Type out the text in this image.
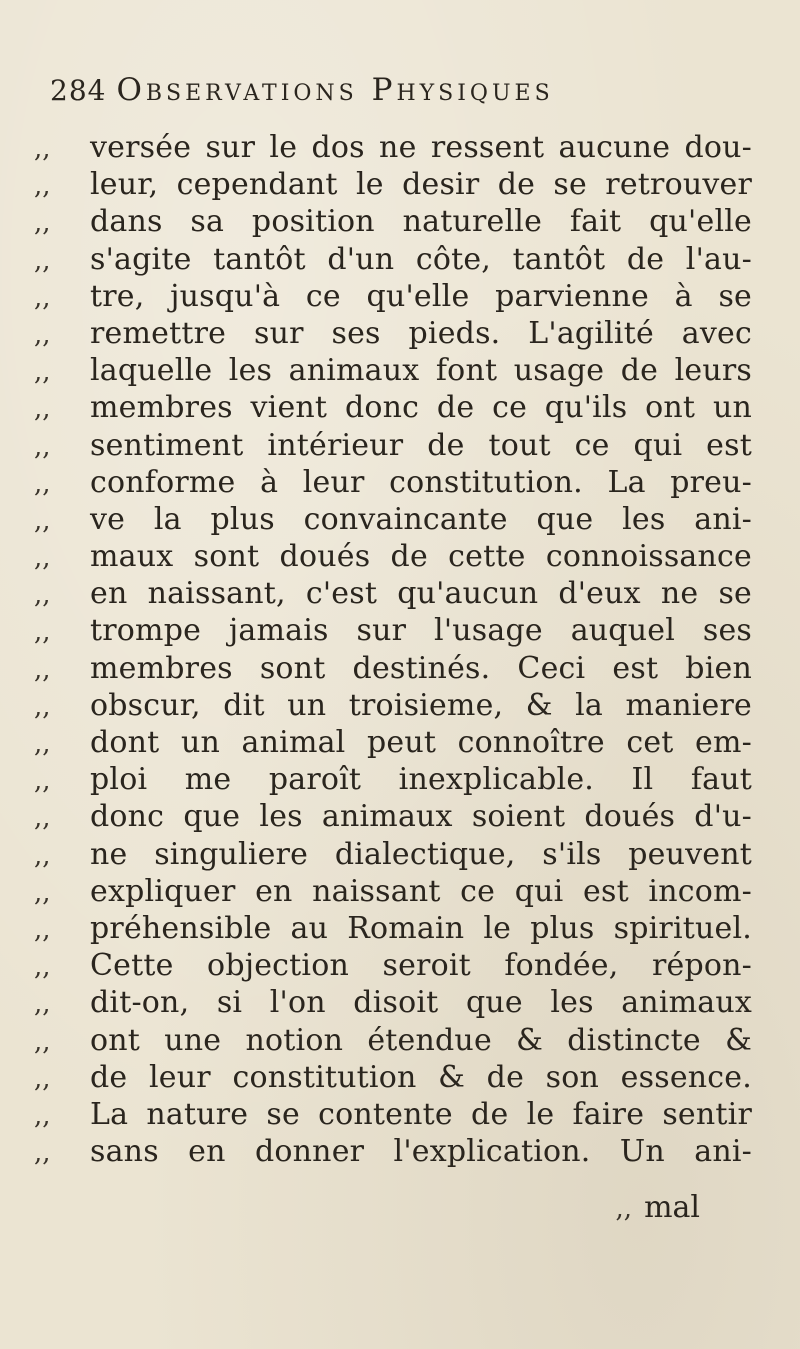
284 Observations Physiques
,,	versée sur le dos ne ressent aucune dou-
,,	leur, cependant le desir de se retrouver
,,	dans sa position naturelle fait qu'elle
,,	s'agite tantôt d'un côte, tantôt de l'au-
,,	tre, jusqu'à ce qu'elle parvienne à se
,,	remettre sur ses pieds. L'agilité avec
,,	laquelle les animaux font usage de leurs
,,	membres vient donc de ce qu'ils ont un
,,	sentiment intérieur de tout ce qui est
,,	conforme à leur constitution. La preu-
,,	ve la plus convaincante que les ani-
,,	maux sont doués de cette connoissance
,,	en naissant, c'est qu'aucun d'eux ne se
,,	trompe jamais sur l'usage auquel ses
,,	membres sont destinés. Ceci est bien
,,	obscur, dit un troisieme, & la maniere
,,	dont un animal peut connoître cet em-
,,	ploi me paroît inexplicable. Il faut
,,	donc que les animaux soient doués d'u-
,,	ne singuliere dialectique, s'ils peuvent
,,	expliquer en naissant ce qui est incom-
,,	préhensible au Romain le plus spirituel.
,,	Cette objection seroit fondée, répon-
,,	dit-on, si l'on disoit que les animaux
,,	ont une notion étendue & distincte &
,,	de leur constitution & de son essence.
,,	La nature se contente de le faire sentir
,,	sans en donner l'explication. Un ani-
,, mal
